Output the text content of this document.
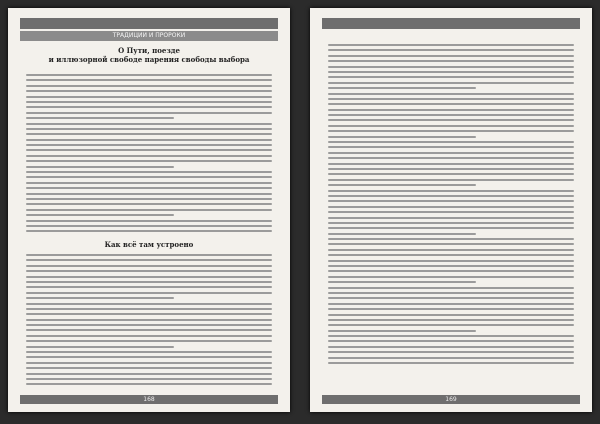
ТРАДИЦИИ И ПРОРОКИ
О Пути, поезде
и иллюзорной свободе парения свободы выбора
Как всё там устроено
168	169
